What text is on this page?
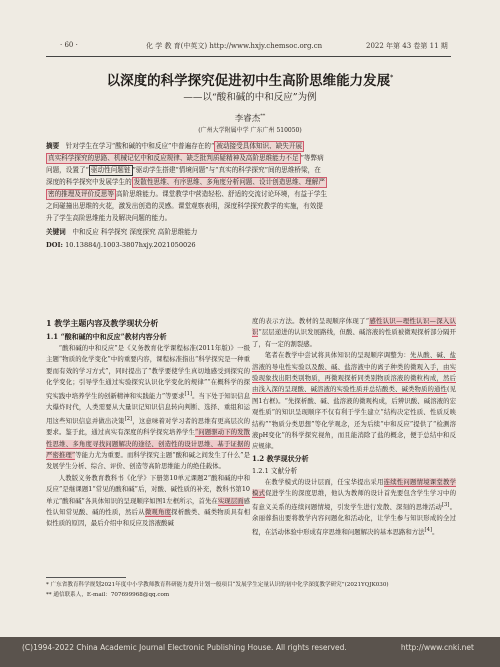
· 60 ·	化 学 教 育(中英文) http://www.hxjy.chemsoc.org.cn	2022 年第 43 卷第 11 期
以深度的科学探究促进初中生高阶思维能力发展*
——以“酸和碱的中和反应”为例
李睿杰**
(广州大学附属中学 广东广州 510050)
摘要　 针对学生在学习“酸和碱的中和反应”中普遍存在的“ 被动接受具体知识、缺失开展
真实科学探究的思路、机械记忆中和反应规律、缺乏批判质疑精神及高阶思维能力不足 ”等弊病
问题，设置了“ 驱动性问题链 ”驱动学生搭建“情境问题”与“真实的科学探究”间的思维桥梁，在
深度的科学探究中发展学生的 发散性思维、有序思维、多角度分析问题、设计创造思维、理解严
密的推理及评价反思等 高阶思维能力。课堂教学中营造轻松、舒适的交流讨论环境，有益于学生
之间碰撞出思维的火花，激发出创造的灵感。课堂观察表明，深度科学探究教学的实施，有效提
升了学生高阶思维能力及解决问题的能力。
关键词　 中和反应 科学探究 深度探究 高阶思维能力
DOI: 10.13884/j.1003-3807hxjy.2021050026

1 教学主题内容及教学现状分析

1.1 “酸和碱的中和反应”教材内容分析

“酸和碱的中和反应”是《义务教育化学课程标准(2011年版)》一级主题“物质的化学变化”中的重要内容，课程标准指出“科学探究是一种重要而有效的学习方式”，同时提出了“教学要使学生真切地感受到探究的化学变化；引导学生通过实验探究认识化学变化的规律”“在概科学的探究实践中培养学生的创新精神和实践能力”等要求[1]。当下处于知识信息大爆炸时代，人类需要从大量识记知识信息转向判断、选择、重组和运用这些知识信息并做出决策[2]，这意味着对学习者的思维有更高层次的要求。鉴于此，通过真实有深度的科学探究培养学生“问题驱动下的发散性思维、多角度寻找问题解决的途径、创造性的设计思维、基于证据的严密推理”等能力尤为重要。而科学探究主题“酸和碱之间发生了什么”是发展学生分析、综合、评价、创造等高阶思维能力的绝佳载体。

人教版义务教育教科书《化学》下册第10单元课题2“酸和碱的中和反应”是继课题1“常见的酸和碱”后，对酸、碱性质的补充，教科书第10单元“酸和碱”各具体知识的呈现顺序如图1左框所示，首先在实现层面感性认知常见酸、碱的性质，然后从微观角度探析酸类、碱类物质具有相似性质的原因，最后介绍中和反应及溶液酸碱

度的表示方法。教材的呈现顺序体现了“感性认识—理性认识—深入认识”层层递进的认识发展路线，但酸、碱溶液的性质被微观探析部分隔开了，有一定的割裂感。

笔者在教学中尝试将具体知识的呈现顺序调整为：先从酸、碱、盐溶液的导电性实验以及酸、碱、盐溶液中的离子种类的微观入手，由实验现象找出阳类别物质，再微观探析同类别物质溶液的微粒构成，然后由浅入深的呈现酸、碱溶液的实验性质并总结酸类、碱类物质的通性(见图1右框)。“先探析酸、碱、盐溶液的微观构成，后辨识酸、碱溶液的宏观性质”的知识呈现顺序不仅有利于学生建立“结构决定性质、性质反映结构”“物质分类思想”等化学观念，还为后续“中和反应”提供了“检测溶液pH变化”的科学探究视角，而且能消除了盐的概念，便于总结中和反应规律。

1.2 教学现状分析

1.2.1 文献分析

在教学模式的设计层面，任宝华提出采用连续性问题情境课堂教学模式促进学生的深度思维，他认为教师的设计首先要包含学生学习中的有意义关系的连续问题情境，引发学生进行发散、深刻的思维活动[3]。余丽蓉指出要将教学内容问题化和活动化，让学生参与知识形成的全过程，在活动体验中形成有序思维和问题解决的基本思路和方法[4]。

* 广东省教育科学规划2021年度中小学教师教育科研能力提升计划一般项目“发展学生定量认识的初中化学深度教学研究”(2021YQJK030)
** 通信联系人，E-mail：707699968@qq.com
(C)1994-2022 China Academic Journal Electronic Publishing House. All rights reserved.	http://www.cnki.net
